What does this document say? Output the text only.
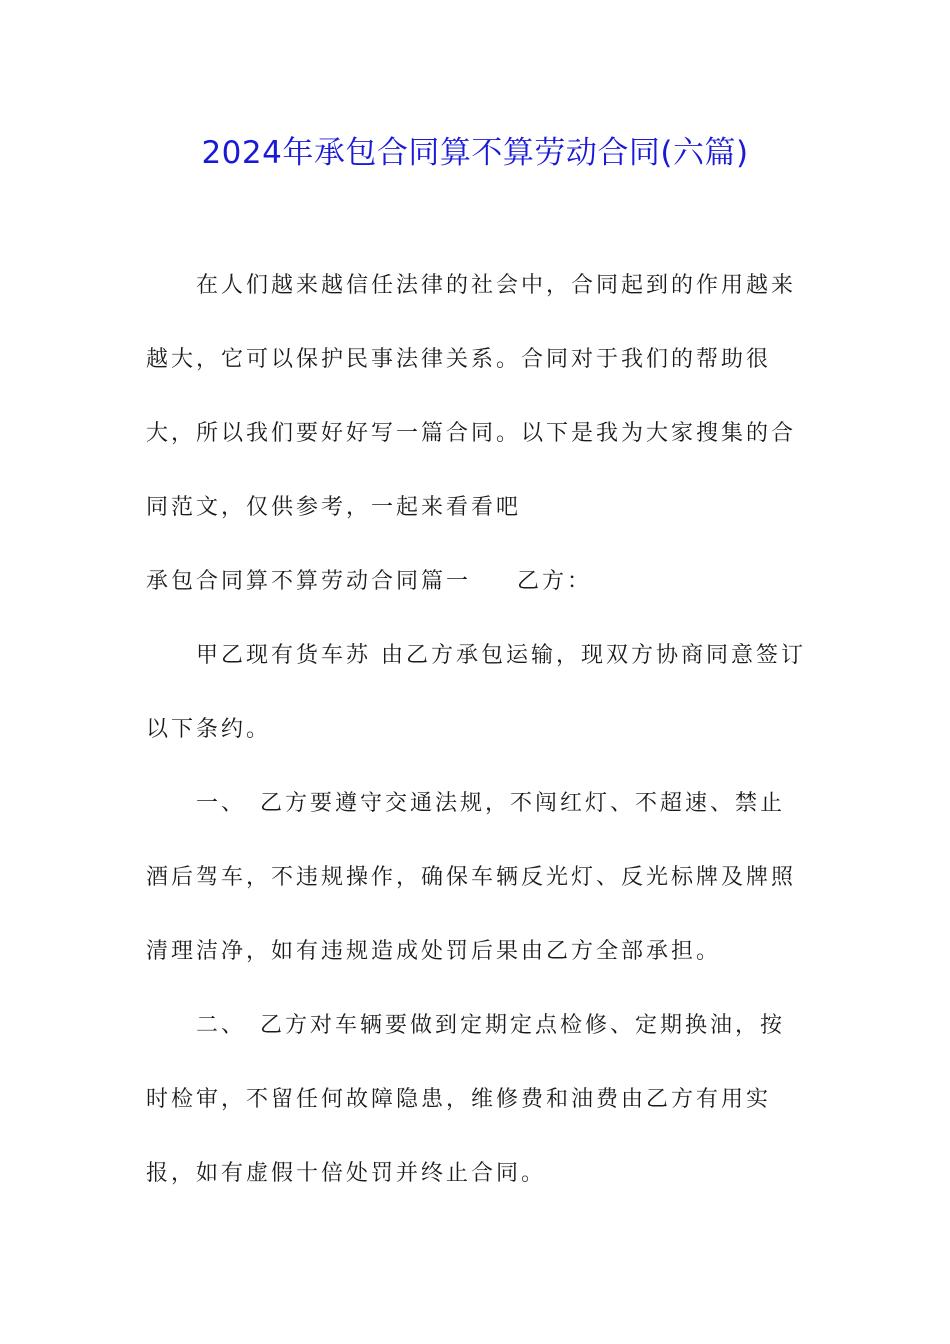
2024年承包合同算不算劳动合同(六篇)

在人们越来越信任法律的社会中，合同起到的作用越来越大，它可以保护民事法律关系。合同对于我们的帮助很大，所以我们要好好写一篇合同。以下是我为大家搜集的合同范文，仅供参考，一起来看看吧

承包合同算不算劳动合同篇一 乙方：

甲乙现有货车苏 由乙方承包运输，现双方协商同意签订以下条约。

一、　乙方要遵守交通法规，不闯红灯、不超速、禁止酒后驾车，不违规操作，确保车辆反光灯、反光标牌及牌照清理洁净，如有违规造成处罚后果由乙方全部承担。

二、　乙方对车辆要做到定期定点检修、定期换油，按时检审，不留任何故障隐患，维修费和油费由乙方有用实报，如有虚假十倍处罚并终止合同。
